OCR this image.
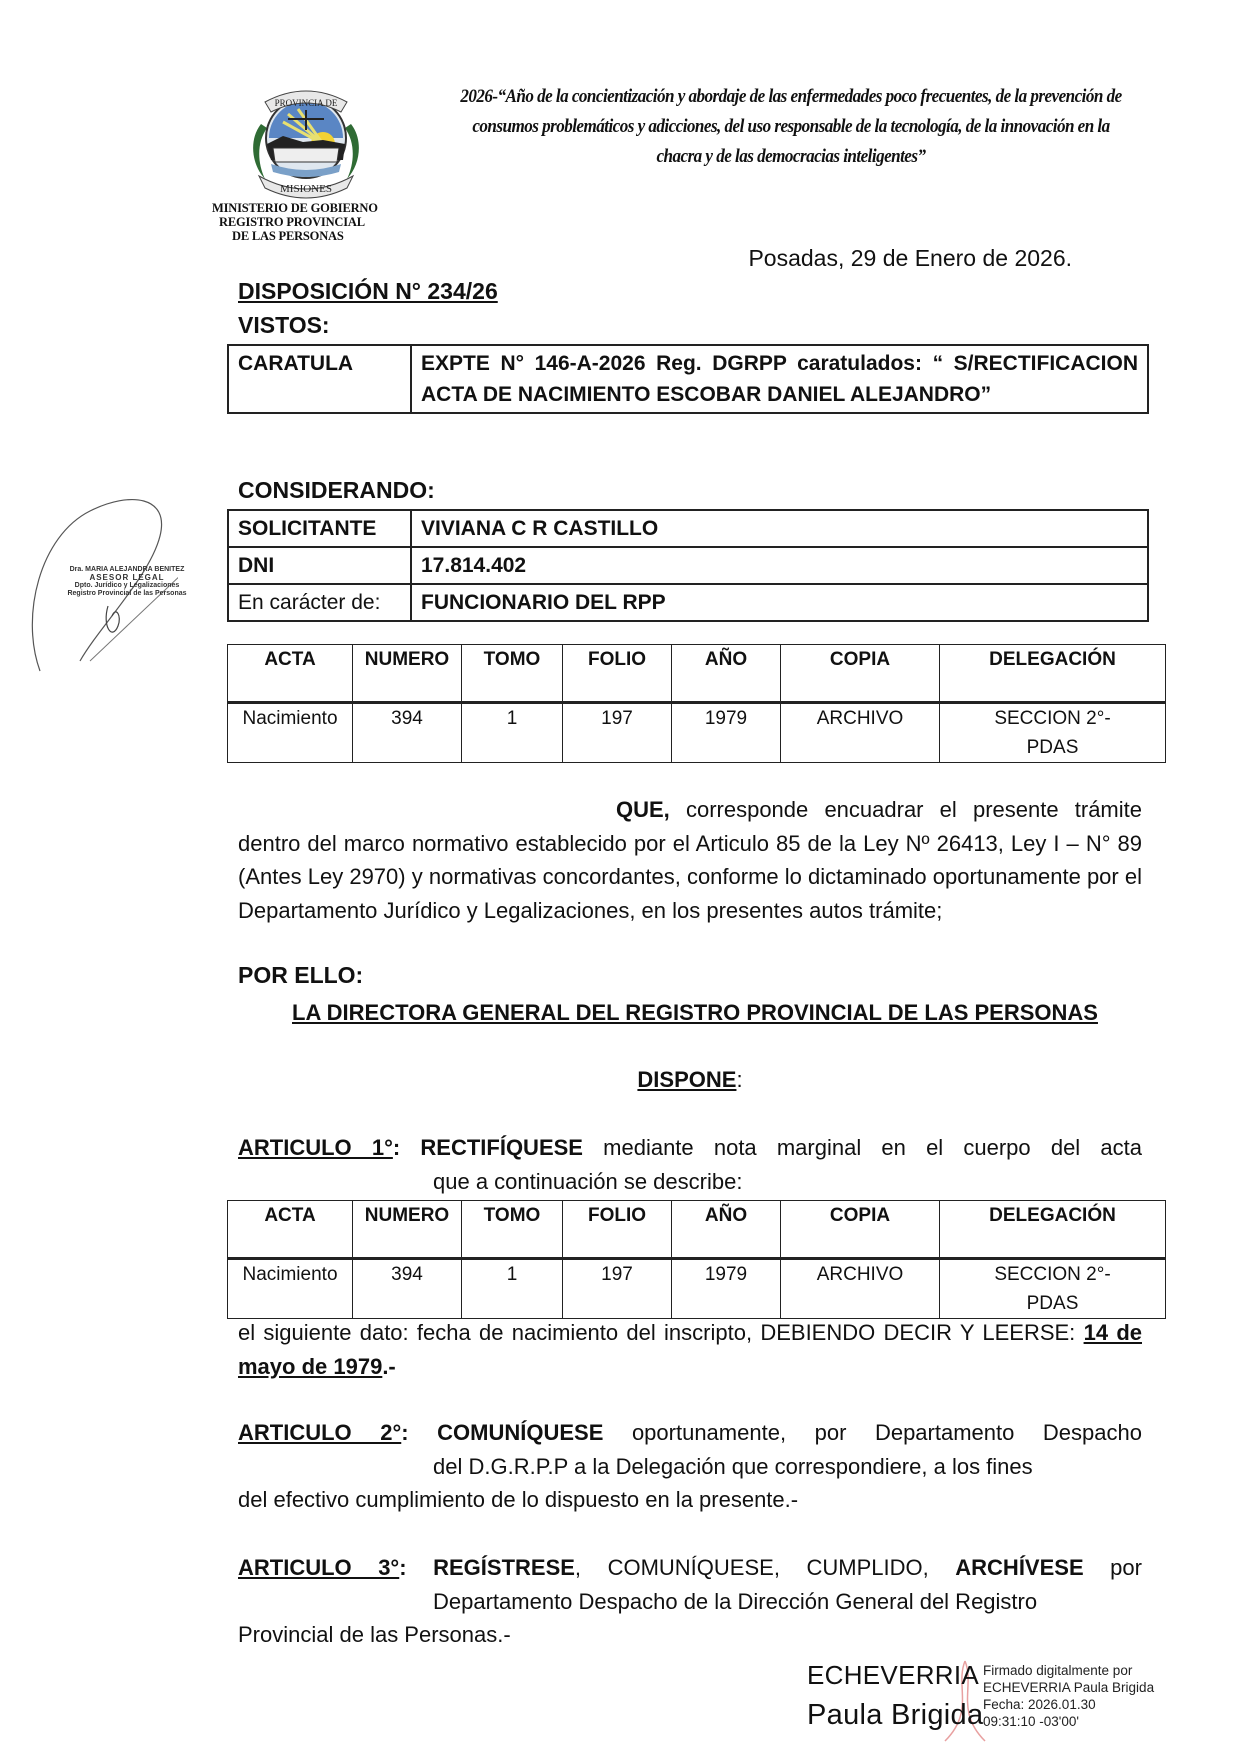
PROVINCIA DE
MISIONES
MINISTERIO DE GOBIERNO
REGISTRO PROVINCIAL
DE LAS PERSONAS
2026-“Año de la concientización y abordaje de las enfermedades poco frecuentes, de la prevención de consumos problemáticos y adicciones, del uso responsable de la tecnología, de la innovación en la chacra y de las democracias inteligentes”
Posadas, 29 de Enero de 2026.
DISPOSICIÓN N° 234/26
VISTOS:
CARATULA	EXPTE N° 146-A-2026 Reg. DGRPP caratulados: “ S/RECTIFICACION ACTA DE NACIMIENTO ESCOBAR DANIEL ALEJANDRO”
CONSIDERANDO:
SOLICITANTE	VIVIANA C R CASTILLO
DNI	17.814.402
En carácter de:	FUNCIONARIO DEL RPP
ACTA	NUMERO	TOMO	FOLIO	AÑO	COPIA	DELEGACIÓN
Nacimiento	394	1	197	1979	ARCHIVO	SECCION 2°-PDAS
QUE, corresponde encuadrar el presente trámite dentro del marco normativo establecido por el Articulo 85 de la Ley Nº 26413, Ley I – N° 89 (Antes Ley 2970) y normativas concordantes, conforme lo dictaminado oportunamente por el Departamento Jurídico y Legalizaciones, en los presentes autos trámite;
POR ELLO:
LA DIRECTORA GENERAL DEL REGISTRO PROVINCIAL DE LAS PERSONAS
DISPONE:
ARTICULO 1°: RECTIFÍQUESE mediante nota marginal en el cuerpo del acta
que a continuación se describe:
ACTA	NUMERO	TOMO	FOLIO	AÑO	COPIA	DELEGACIÓN
Nacimiento	394	1	197	1979	ARCHIVO	SECCION 2°-PDAS
el siguiente dato: fecha de nacimiento del inscripto, DEBIENDO DECIR Y LEERSE: 14 de mayo de 1979.-
ARTICULO 2°: COMUNÍQUESE oportunamente, por Departamento Despacho
del D.G.R.P.P a la Delegación que correspondiere, a los fines
del efectivo cumplimiento de lo dispuesto en la presente.-
ARTICULO 3°: REGÍSTRESE, COMUNÍQUESE, CUMPLIDO, ARCHÍVESE por
Departamento Despacho de la Dirección General del Registro
Provincial de las Personas.-
Dra. MARIA ALEJANDRA BENITEZ
ASESOR LEGAL
Dpto. Jurídico y Legalizaciones
Registro Provincial de las Personas
ECHEVERRIA
Paula Brigida
Firmado digitalmente por
ECHEVERRIA Paula Brigida
Fecha: 2026.01.30
09:31:10 -03'00'
